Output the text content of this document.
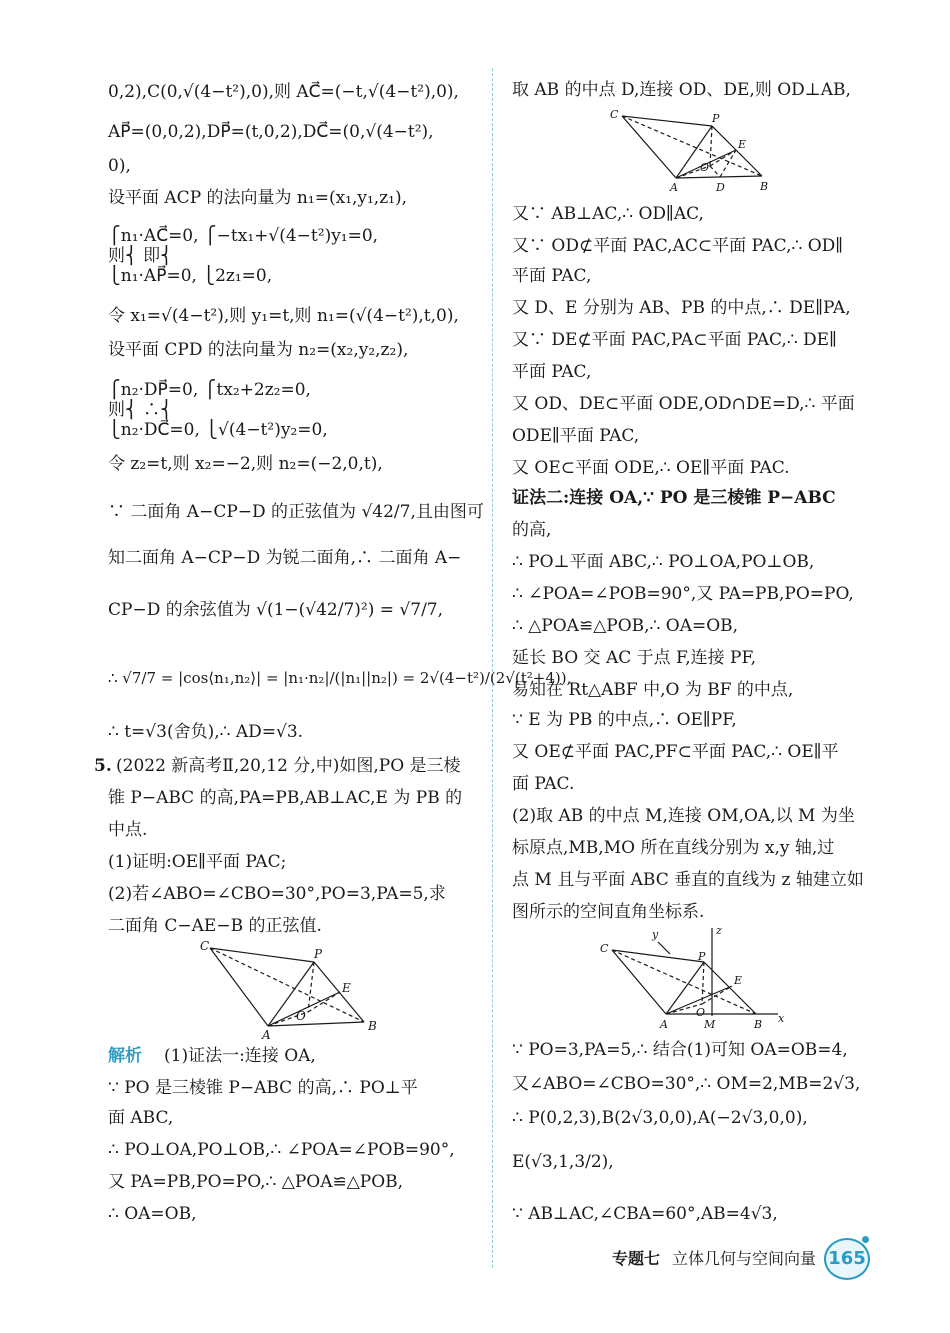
0,2),C(0,√(4−t²),0),则 AC⃗=(−t,√(4−t²),0),
AP⃗=(0,0,2),DP⃗=(t,0,2),DC⃗=(0,√(4−t²),
0),
设平面 ACP 的法向量为 n₁=(x₁,y₁,z₁),
⎧n₁·AC⃗=0, ⎧−tx₁+√(4−t²)y₁=0,
则⎨ 即⎨
⎩n₁·AP⃗=0, ⎩2z₁=0,
令 x₁=√(4−t²),则 y₁=t,则 n₁=(√(4−t²),t,0),
设平面 CPD 的法向量为 n₂=(x₂,y₂,z₂),
⎧n₂·DP⃗=0, ⎧tx₂+2z₂=0,
则⎨ ∴⎨
⎩n₂·DC⃗=0, ⎩√(4−t²)y₂=0,
令 z₂=t,则 x₂=−2,则 n₂=(−2,0,t),
∵ 二面角 A−CP−D 的正弦值为 √42/7,且由图可
知二面角 A−CP−D 为锐二面角,∴ 二面角 A−
CP−D 的余弦值为 √(1−(√42/7)²) = √7/7,
∴ √7/7 = |cos⟨n₁,n₂⟩| = |n₁·n₂|/(|n₁||n₂|) = 2√(4−t²)/(2√(t²+4)),
∴ t=√3(舍负),∴ AD=√3.
5. (2022 新高考Ⅱ,20,12 分,中)如图,PO 是三棱
锥 P−ABC 的高,PA=PB,AB⊥AC,E 为 PB 的
中点.
(1)证明:OE∥平面 PAC;
(2)若∠ABO=∠CBO=30°,PO=3,PA=5,求
二面角 C−AE−B 的正弦值.
C
P
E
O
A
B
解析 (1)证法一:连接 OA,
∵ PO 是三棱锥 P−ABC 的高,∴ PO⊥平
面 ABC,
∴ PO⊥OA,PO⊥OB,∴ ∠POA=∠POB=90°,
又 PA=PB,PO=PO,∴ △POA≌△POB,
∴ OA=OB,
取 AB 的中点 D,连接 OD、DE,则 OD⊥AB,
C	P
E
O
A	D	B
又∵ AB⊥AC,∴ OD∥AC,
又∵ OD⊄平面 PAC,AC⊂平面 PAC,∴ OD∥
平面 PAC,
又 D、E 分别为 AB、PB 的中点,∴ DE∥PA,
又∵ DE⊄平面 PAC,PA⊂平面 PAC,∴ DE∥
平面 PAC,
又 OD、DE⊂平面 ODE,OD∩DE=D,∴ 平面
ODE∥平面 PAC,
又 OE⊂平面 ODE,∴ OE∥平面 PAC.
证法二:连接 OA,∵ PO 是三棱锥 P−ABC
的高,
∴ PO⊥平面 ABC,∴ PO⊥OA,PO⊥OB,
∴ ∠POA=∠POB=90°,又 PA=PB,PO=PO,
∴ △POA≌△POB,∴ OA=OB,
延长 BO 交 AC 于点 F,连接 PF,
易知在 Rt△ABF 中,O 为 BF 的中点,
∵ E 为 PB 的中点,∴ OE∥PF,
又 OE⊄平面 PAC,PF⊂平面 PAC,∴ OE∥平
面 PAC.
(2)取 AB 的中点 M,连接 OM,OA,以 M 为坐
标原点,MB,MO 所在直线分别为 x,y 轴,过
点 M 且与平面 ABC 垂直的直线为 z 轴建立如
图所示的空间直角坐标系.
y	z
C
P
E
O
A	M	B x
∵ PO=3,PA=5,∴ 结合(1)可知 OA=OB=4,
又∠ABO=∠CBO=30°,∴ OM=2,MB=2√3,
∴ P(0,2,3),B(2√3,0,0),A(−2√3,0,0),
E(√3,1,3/2),
∵ AB⊥AC,∠CBA=60°,AB=4√3,
专题七 立体几何与空间向量 165
